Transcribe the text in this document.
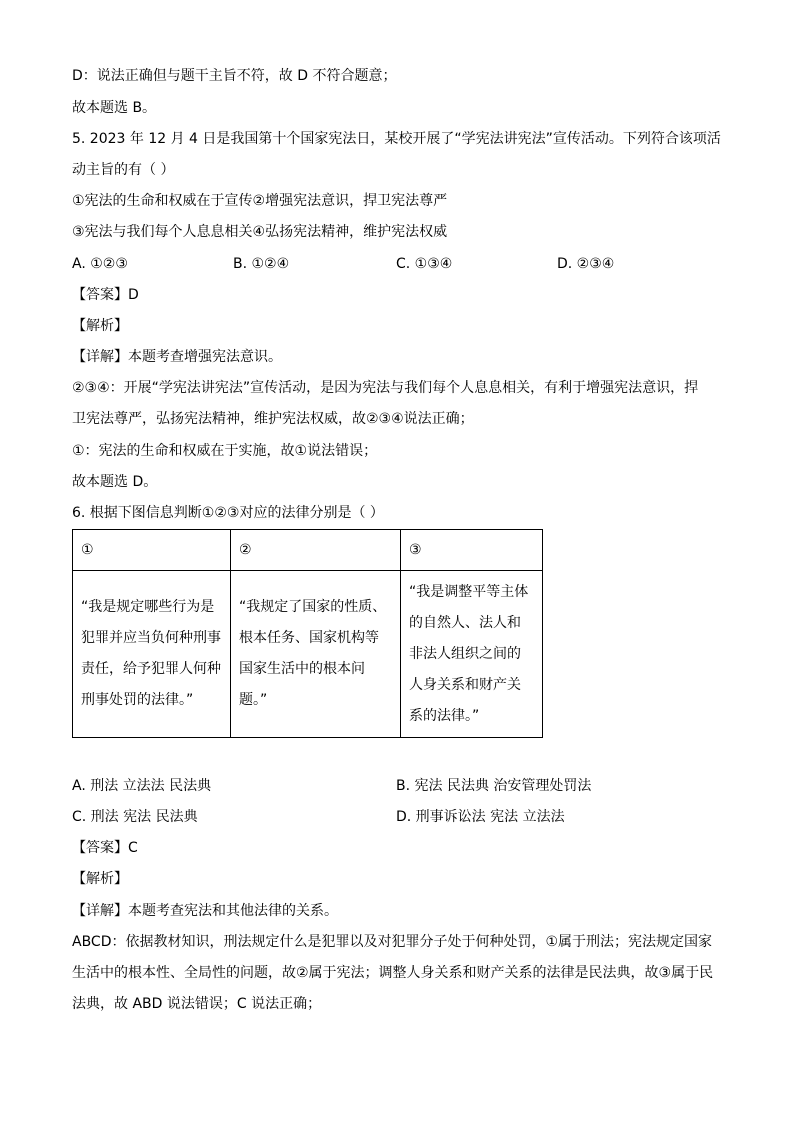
D：说法正确但与题干主旨不符，故 D 不符合题意；
故本题选 B。
5. 2023 年 12 月 4 日是我国第十个国家宪法日，某校开展了“学宪法讲宪法”宣传活动。下列符合该项活
动主旨的有（ ）
①宪法的生命和权威在于宣传②增强宪法意识，捍卫宪法尊严
③宪法与我们每个人息息相关④弘扬宪法精神，维护宪法权威
A. ①②③	B. ①②④	C. ①③④	D. ②③④
【答案】D
【解析】
【详解】本题考查增强宪法意识。
②③④：开展“学宪法讲宪法”宣传活动，是因为宪法与我们每个人息息相关，有利于增强宪法意识，捍
卫宪法尊严，弘扬宪法精神，维护宪法权威，故②③④说法正确；
①：宪法的生命和权威在于实施，故①说法错误；
故本题选 D。
6. 根据下图信息判断①②③对应的法律分别是（ ）
①	②	③

“我是规定哪些行为是犯罪并应当负何种刑事责任，给予犯罪人何种刑事处罚的法律。”	“我规定了国家的性质、根本任务、国家机构等国家生活中的根本问题。”	“我是调整平等主体的自然人、法人和非法人组织之间的人身关系和财产关系的法律。”
A. 刑法 立法法 民法典	B. 宪法 民法典 治安管理处罚法
C. 刑法 宪法 民法典	D. 刑事诉讼法 宪法 立法法
【答案】C
【解析】
【详解】本题考查宪法和其他法律的关系。
ABCD：依据教材知识，刑法规定什么是犯罪以及对犯罪分子处于何种处罚，①属于刑法；宪法规定国家
生活中的根本性、全局性的问题，故②属于宪法；调整人身关系和财产关系的法律是民法典，故③属于民
法典，故 ABD 说法错误；C 说法正确；
